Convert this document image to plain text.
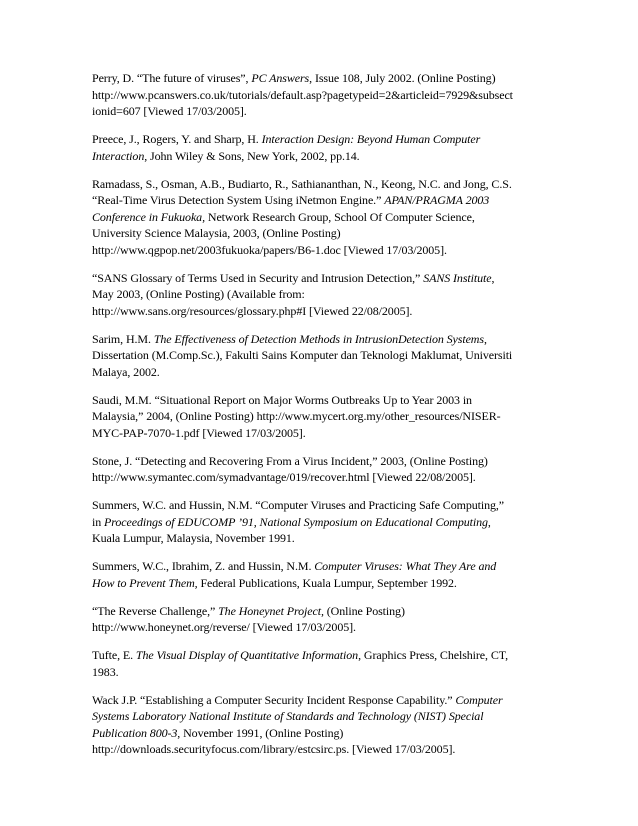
Perry, D. “The future of viruses”, PC Answers, Issue 108, July 2002. (Online Posting)
http://www.pcanswers.co.uk/tutorials/default.asp?pagetypeid=2&articleid=7929&subsect
ionid=607 [Viewed 17/03/2005].

Preece, J., Rogers, Y. and Sharp, H. Interaction Design: Beyond Human Computer
Interaction, John Wiley & Sons, New York, 2002, pp.14.

Ramadass, S., Osman, A.B., Budiarto, R., Sathiananthan, N., Keong, N.C. and Jong, C.S.
“Real-Time Virus Detection System Using iNetmon Engine.” APAN/PRAGMA 2003
Conference in Fukuoka, Network Research Group, School Of Computer Science,
University Science Malaysia, 2003, (Online Posting)
http://www.qgpop.net/2003fukuoka/papers/B6-1.doc [Viewed 17/03/2005].

“SANS Glossary of Terms Used in Security and Intrusion Detection,” SANS Institute,
May 2003, (Online Posting) (Available from:
http://www.sans.org/resources/glossary.php#I [Viewed 22/08/2005].

Sarim, H.M. The Effectiveness of Detection Methods in IntrusionDetection Systems,
Dissertation (M.Comp.Sc.), Fakulti Sains Komputer dan Teknologi Maklumat, Universiti
Malaya, 2002.

Saudi, M.M. “Situational Report on Major Worms Outbreaks Up to Year 2003 in
Malaysia,” 2004, (Online Posting) http://www.mycert.org.my/other_resources/NISER-
MYC-PAP-7070-1.pdf [Viewed 17/03/2005].

Stone, J. “Detecting and Recovering From a Virus Incident,” 2003, (Online Posting)
http://www.symantec.com/symadvantage/019/recover.html [Viewed 22/08/2005].

Summers, W.C. and Hussin, N.M. “Computer Viruses and Practicing Safe Computing,”
in Proceedings of EDUCOMP ’91, National Symposium on Educational Computing,
Kuala Lumpur, Malaysia, November 1991.

Summers, W.C., Ibrahim, Z. and Hussin, N.M. Computer Viruses: What They Are and
How to Prevent Them, Federal Publications, Kuala Lumpur, September 1992.

“The Reverse Challenge,” The Honeynet Project, (Online Posting)
http://www.honeynet.org/reverse/ [Viewed 17/03/2005].

Tufte, E. The Visual Display of Quantitative Information, Graphics Press, Chelshire, CT,
1983.

Wack J.P. “Establishing a Computer Security Incident Response Capability.” Computer
Systems Laboratory National Institute of Standards and Technology (NIST) Special
Publication 800-3, November 1991, (Online Posting)
http://downloads.securityfocus.com/library/estcsirc.ps. [Viewed 17/03/2005].
